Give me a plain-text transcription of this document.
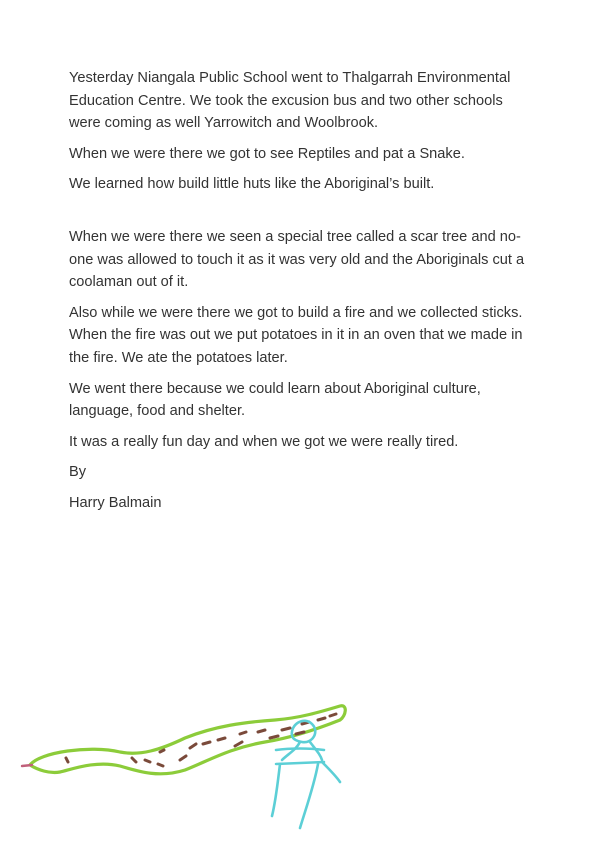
Yesterday Niangala Public School went to Thalgarrah Environmental Education Centre. We took the excusion bus and two other schools were coming as well Yarrowitch and Woolbrook.

When we were there we got to see Reptiles and pat a Snake.

We learned how build little huts like the Aboriginal’s built.

When we were there we seen a special tree called a scar tree and no-one was allowed to touch it as it was very old and the Aboriginals cut a coolaman out of it.

Also while we were there we got to build a fire and we collected sticks. When the fire was out we put potatoes in it in an oven that we made in the fire. We ate the potatoes later.

We went there because we could learn about Aboriginal culture, language, food and shelter.

It was a really fun day and when we got we were really tired.

By

Harry Balmain
